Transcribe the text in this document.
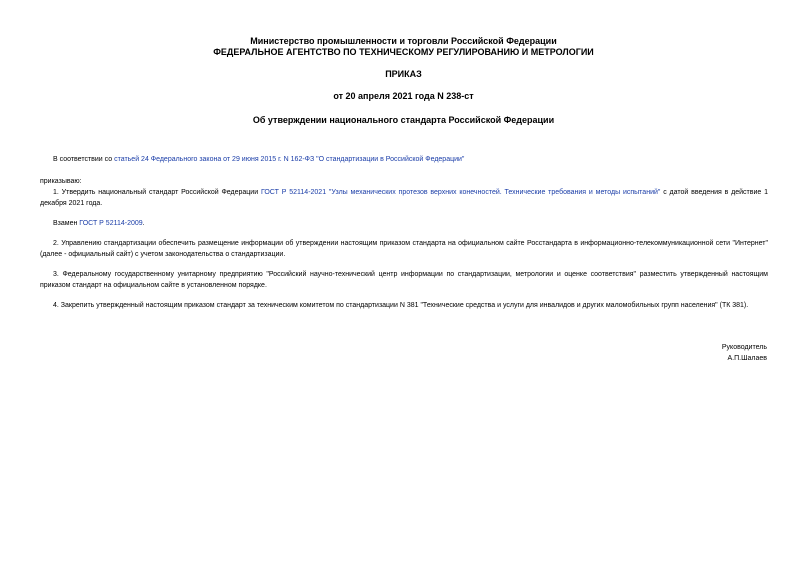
Министерство промышленности и торговли Российской Федерации
ФЕДЕРАЛЬНОЕ АГЕНТСТВО ПО ТЕХНИЧЕСКОМУ РЕГУЛИРОВАНИЮ И МЕТРОЛОГИИ
ПРИКАЗ
от 20 апреля 2021 года N 238-ст
Об утверждении национального стандарта Российской Федерации
В соответствии со статьей 24 Федерального закона от 29 июня 2015 г. N 162-ФЗ "О стандартизации в Российской Федерации"
приказываю:
1. Утвердить национальный стандарт Российской Федерации ГОСТ Р 52114-2021 "Узлы механических протезов верхних конечностей. Технические требования и методы испытаний" с датой введения в действие 1 декабря 2021 года.
Взамен ГОСТ Р 52114-2009.
2. Управлению стандартизации обеспечить размещение информации об утверждении настоящим приказом стандарта на официальном сайте Росстандарта в информационно-телекоммуникационной сети "Интернет" (далее - официальный сайт) с учетом законодательства о стандартизации.
3. Федеральному государственному унитарному предприятию "Российский научно-технический центр информации по стандартизации, метрологии и оценке соответствия" разместить утвержденный настоящим приказом стандарт на официальном сайте в установленном порядке.
4. Закрепить утвержденный настоящим приказом стандарт за техническим комитетом по стандартизации N 381 "Технические средства и услуги для инвалидов и других маломобильных групп населения" (ТК 381).
Руководитель
А.П.Шалаев
